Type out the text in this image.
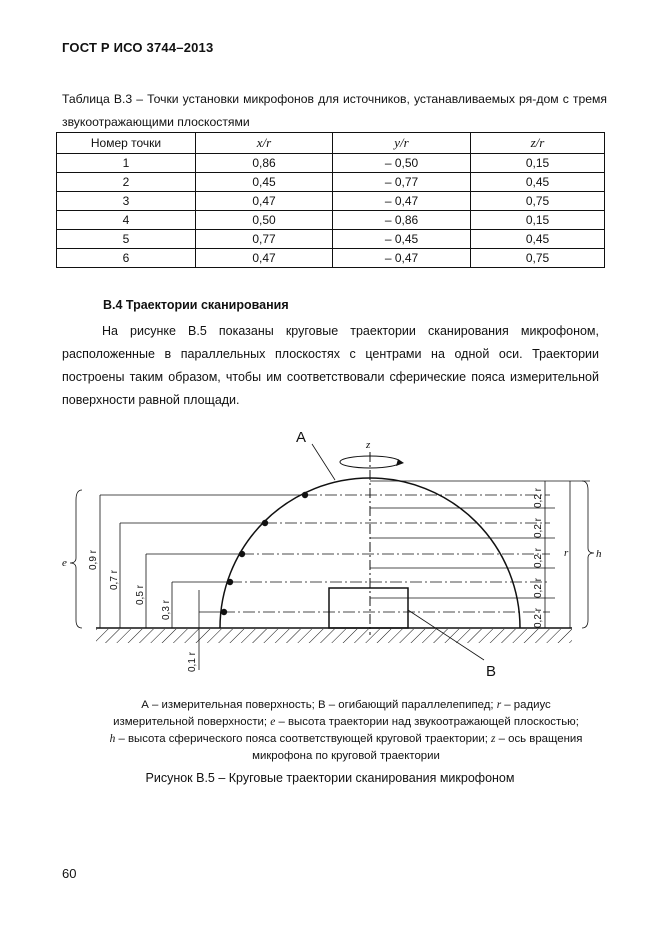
ГОСТ Р ИСО 3744–2013
Таблица В.3 – Точки установки микрофонов для источников, устанавливаемых ря-дом с тремя звукоотражающими плоскостями
Номер точки	x/r	y/r	z/r
1	0,86	– 0,50	0,15
2	0,45	– 0,77	0,45
3	0,47	– 0,47	0,75
4	0,50	– 0,86	0,15
5	0,77	– 0,45	0,45
6	0,47	– 0,47	0,75
В.4 Траектории сканирования
На рисунке В.5 показаны круговые траектории сканирования микрофоном, расположенные в параллельных плоскостях с центрами на одной оси. Траектории построены таким образом, чтобы им соответствовали сферические пояса измерительной поверхности равной площади.
A
B
z
e
h
r
0,9 r
0,7 r
0,5 r
0,3 r
0,1 r
0,2 r
0,2 r
0,2 r
0,2 r
0,2 r
А – измерительная поверхность; В – огибающий параллелепипед; r – радиус
измерительной поверхности; e – высота траектории над звукоотражающей плоскостью;
h – высота сферического пояса соответствующей круговой траектории; z – ось вращения
микрофона по круговой траектории
Рисунок В.5 – Круговые траектории сканирования микрофоном
60
